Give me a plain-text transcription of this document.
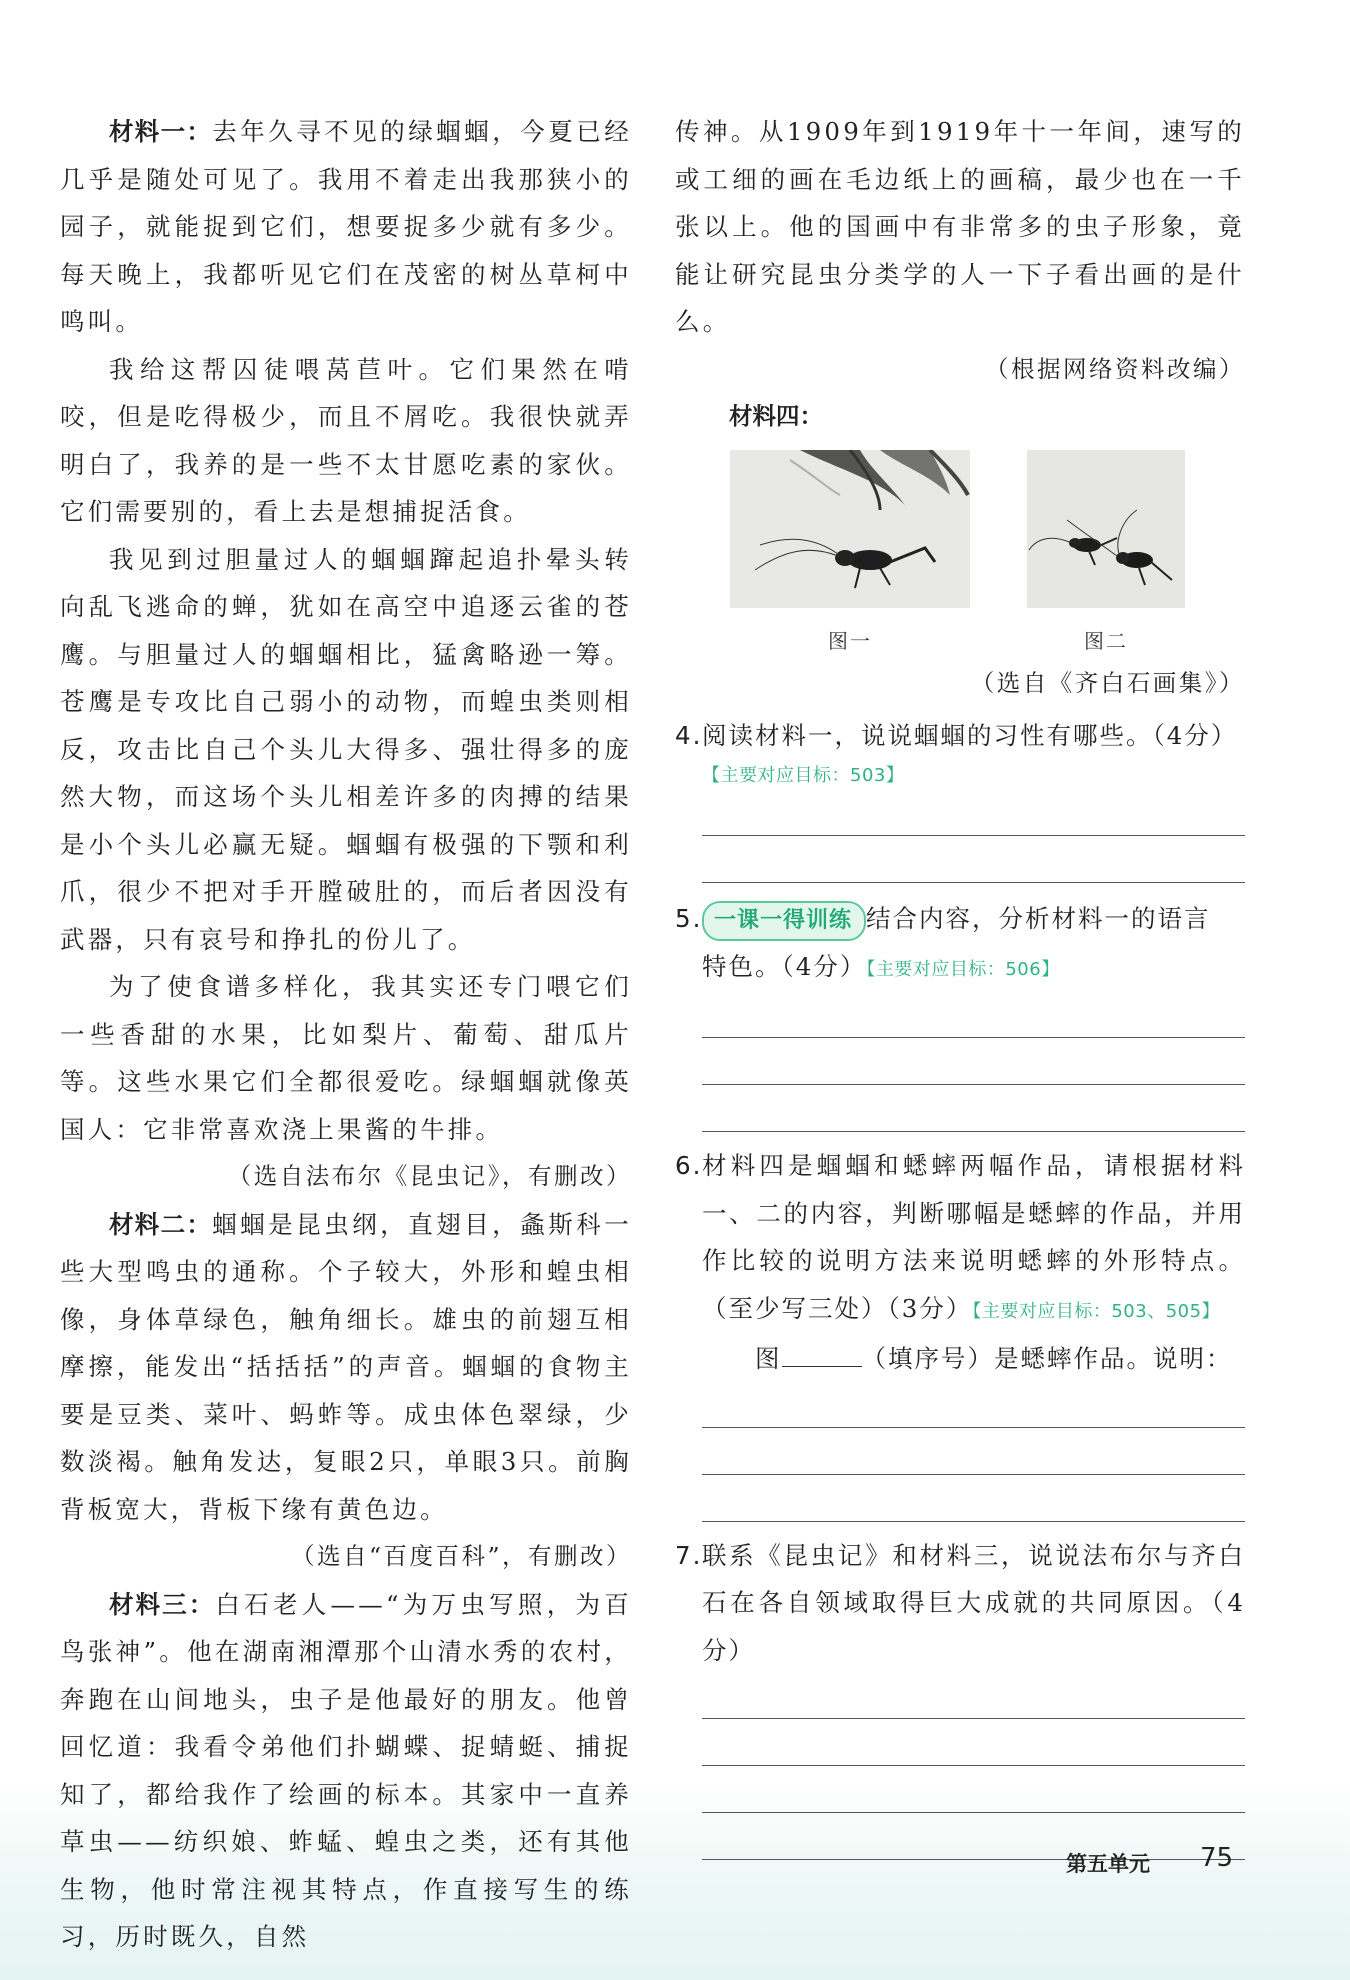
材料一：去年久寻不见的绿蝈蝈，今夏已经几乎是随处可见了。我用不着走出我那狭小的园子，就能捉到它们，想要捉多少就有多少。每天晚上，我都听见它们在茂密的树丛草柯中鸣叫。

我给这帮囚徒喂莴苣叶。它们果然在啃咬，但是吃得极少，而且不屑吃。我很快就弄明白了，我养的是一些不太甘愿吃素的家伙。它们需要别的，看上去是想捕捉活食。

我见到过胆量过人的蝈蝈蹿起追扑晕头转向乱飞逃命的蝉，犹如在高空中追逐云雀的苍鹰。与胆量过人的蝈蝈相比，猛禽略逊一筹。苍鹰是专攻比自己弱小的动物，而蝗虫类则相反，攻击比自己个头儿大得多、强壮得多的庞然大物，而这场个头儿相差许多的肉搏的结果是小个头儿必赢无疑。蝈蝈有极强的下颚和利爪，很少不把对手开膛破肚的，而后者因没有武器，只有哀号和挣扎的份儿了。

为了使食谱多样化，我其实还专门喂它们一些香甜的水果，比如梨片、葡萄、甜瓜片等。这些水果它们全都很爱吃。绿蝈蝈就像英国人：它非常喜欢浇上果酱的牛排。

（选自法布尔《昆虫记》，有删改）

材料二：蝈蝈是昆虫纲，直翅目，螽斯科一些大型鸣虫的通称。个子较大，外形和蝗虫相像，身体草绿色，触角细长。雄虫的前翅互相摩擦，能发出“括括括”的声音。蝈蝈的食物主要是豆类、菜叶、蚂蚱等。成虫体色翠绿，少数淡褐。触角发达，复眼2只，单眼3只。前胸背板宽大，背板下缘有黄色边。

（选自“百度百科”，有删改）

材料三：白石老人——“为万虫写照，为百鸟张神”。他在湖南湘潭那个山清水秀的农村，奔跑在山间地头，虫子是他最好的朋友。他曾回忆道：我看令弟他们扑蝴蝶、捉蜻蜓、捕捉知了，都给我作了绘画的标本。其家中一直养草虫——纺织娘、蚱蜢、蝗虫之类，还有其他生物，他时常注视其特点，作直接写生的练习，历时既久，自然

传神。从1909年到1919年十一年间，速写的或工细的画在毛边纸上的画稿，最少也在一千张以上。他的国画中有非常多的虫子形象，竟能让研究昆虫分类学的人一下子看出画的是什么。

（根据网络资料改编）

材料四：

图一	图二

（选自《齐白石画集》）

4. 阅读材料一，说说蝈蝈的习性有哪些。（4分）

【主要对应目标：503】

5. 一课一得训练 结合内容，分析材料一的语言

特色。（4分）【主要对应目标：506】

6. 材料四是蝈蝈和蟋蟀两幅作品，请根据材料一、二的内容，判断哪幅是蟋蟀的作品，并用作比较的说明方法来说明蟋蟀的外形特点。（至少写三处）（3分）【主要对应目标：503、505】

图	（填序号）是蟋蟀作品。说明：

7. 联系《昆虫记》和材料三，说说法布尔与齐白石在各自领域取得巨大成就的共同原因。（4分）

第五单元 75
